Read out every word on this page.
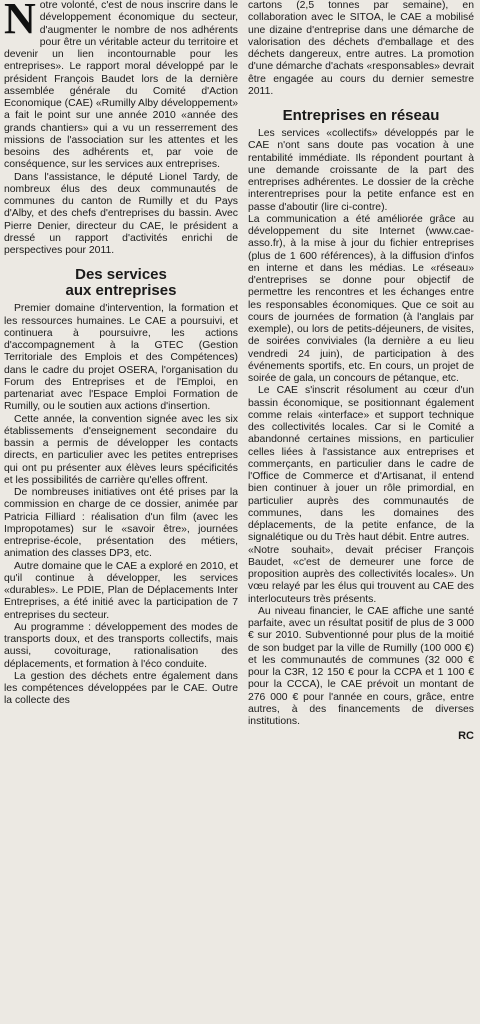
Notre volonté, c'est de nous inscrire dans le développement économique du secteur, d'augmenter le nombre de nos adhérents pour être un véritable acteur du territoire et devenir un lien incontournable pour les entreprises». Le rapport moral développé par le président François Baudet lors de la dernière assemblée générale du Comité d'Action Economique (CAE) «Rumilly Alby développement» a fait le point sur une année 2010 «année des grands chantiers» qui a vu un resserrement des missions de l'association sur les attentes et les besoins des adhérents et, par voie de conséquence, sur les services aux entreprises.

Dans l'assistance, le député Lionel Tardy, de nombreux élus des deux communautés de communes du canton de Rumilly et du Pays d'Alby, et des chefs d'entreprises du bassin. Avec Pierre Denier, directeur du CAE, le président a dressé un rapport d'activités enrichi de perspectives pour 2011.

Des services
aux entreprises

Premier domaine d'intervention, la formation et les ressources humaines. Le CAE a poursuivi, et continuera à poursuivre, les actions d'accompagnement à la GTEC (Gestion Territoriale des Emplois et des Compétences) dans le cadre du projet OSERA, l'organisation du Forum des Entreprises et de l'Emploi, en partenariat avec l'Espace Emploi Formation de Rumilly, ou le soutien aux actions d'insertion.

Cette année, la convention signée avec les six établissements d'enseignement secondaire du bassin a permis de développer les contacts directs, en particulier avec les petites entreprises qui ont pu présenter aux élèves leurs spécificités et les possibilités de carrière qu'elles offrent.

De nombreuses initiatives ont été prises par la commission en charge de ce dossier, animée par Patricia Filliard : réalisation d'un film (avec les Impropotames) sur le «savoir être», journées entreprise-école, présentation des métiers, animation des classes DP3, etc.

Autre domaine que le CAE a exploré en 2010, et qu'il continue à développer, les services «durables». Le PDIE, Plan de Déplacements Inter Entreprises, a été initié avec la participation de 7 entreprises du secteur.

Au programme : développement des modes de transports doux, et des transports collectifs, mais aussi, covoiturage, rationalisation des déplacements, et formation à l'éco conduite.

La gestion des déchets entre également dans les compétences développées par le CAE. Outre la collecte des

cartons (2,5 tonnes par semaine), en collaboration avec le SITOA, le CAE a mobilisé une dizaine d'entreprise dans une démarche de valorisation des déchets d'emballage et des déchets dangereux, entre autres. La promotion d'une démarche d'achats «responsables» devrait être engagée au cours du dernier semestre 2011.

Entreprises en réseau

Les services «collectifs» développés par le CAE n'ont sans doute pas vocation à une rentabilité immédiate. Ils répondent pourtant à une demande croissante de la part des entreprises adhérentes. Le dossier de la crèche interentreprises pour la petite enfance est en passe d'aboutir (lire ci-contre).

La communication a été améliorée grâce au développement du site Internet (www.cae-asso.fr), à la mise à jour du fichier entreprises (plus de 1 600 références), à la diffusion d'infos en interne et dans les médias. Le «réseau» d'entreprises se donne pour objectif de permettre les rencontres et les échanges entre les responsables économiques. Que ce soit au cours de journées de formation (à l'anglais par exemple), ou lors de petits-déjeuners, de visites, de soirées conviviales (la dernière a eu lieu vendredi 24 juin), de participation à des événements sportifs, etc. En cours, un projet de soirée de gala, un concours de pétanque, etc.

Le CAE s'inscrit résolument au cœur d'un bassin économique, se positionnant également comme relais «interface» et support technique des collectivités locales. Car si le Comité a abandonné certaines missions, en particulier celles liées à l'assistance aux entreprises et commerçants, en particulier dans le cadre de l'Office de Commerce et d'Artisanat, il entend bien continuer à jouer un rôle primordial, en particulier auprès des communautés de communes, dans les domaines des déplacements, de la petite enfance, de la signalétique ou du Très haut débit. Entre autres.

«Notre souhait», devait préciser François Baudet, «c'est de demeurer une force de proposition auprès des collectivités locales». Un vœu relayé par les élus qui trouvent au CAE des interlocuteurs très présents.

Au niveau financier, le CAE affiche une santé parfaite, avec un résultat positif de plus de 3 000 € sur 2010. Subventionné pour plus de la moitié de son budget par la ville de Rumilly (100 000 €) et les communautés de communes (32 000 € pour la C3R, 12 150 € pour la CCPA et 1 100 € pour la CCCA), le CAE prévoit un montant de 276 000 € pour l'année en cours, grâce, entre autres, à des financements de diverses institutions.

RC
